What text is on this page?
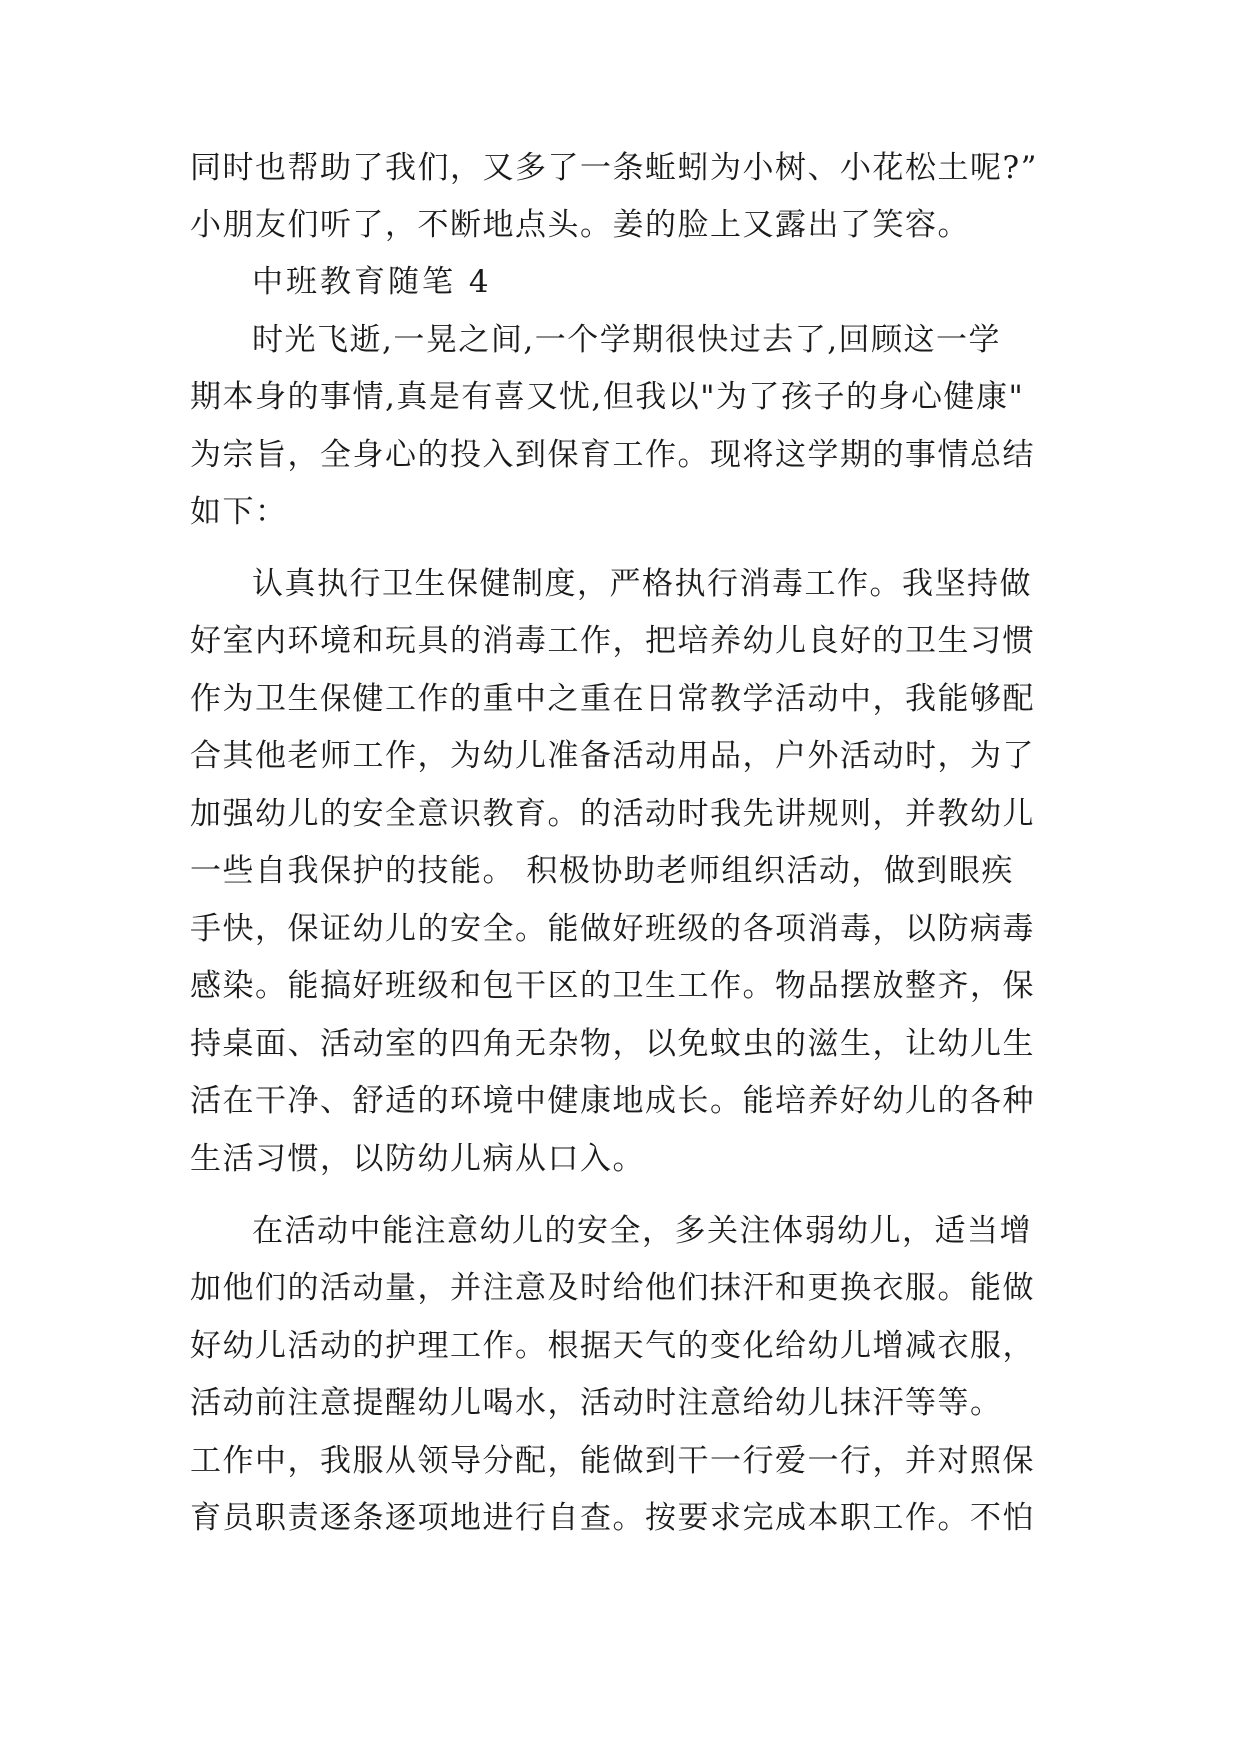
同时也帮助了我们，又多了一条蚯蚓为小树、小花松土呢?”
小朋友们听了，不断地点头。姜的脸上又露出了笑容。
中班教育随笔 4
时光飞逝,一晃之间,一个学期很快过去了,回顾这一学
期本身的事情,真是有喜又忧,但我以"为了孩子的身心健康"
为宗旨，全身心的投入到保育工作。现将这学期的事情总结
如下：
认真执行卫生保健制度，严格执行消毒工作。我坚持做
好室内环境和玩具的消毒工作，把培养幼儿良好的卫生习惯
作为卫生保健工作的重中之重在日常教学活动中，我能够配
合其他老师工作，为幼儿准备活动用品，户外活动时，为了
加强幼儿的安全意识教育。的活动时我先讲规则，并教幼儿
一些自我保护的技能。 积极协助老师组织活动，做到眼疾
手快，保证幼儿的安全。能做好班级的各项消毒，以防病毒
感染。能搞好班级和包干区的卫生工作。物品摆放整齐，保
持桌面、活动室的四角无杂物，以免蚊虫的滋生，让幼儿生
活在干净、舒适的环境中健康地成长。能培养好幼儿的各种
生活习惯，以防幼儿病从口入。
在活动中能注意幼儿的安全，多关注体弱幼儿，适当增
加他们的活动量，并注意及时给他们抹汗和更换衣服。能做
好幼儿活动的护理工作。根据天气的变化给幼儿增减衣服，
活动前注意提醒幼儿喝水，活动时注意给幼儿抹汗等等。
工作中，我服从领导分配，能做到干一行爱一行，并对照保
育员职责逐条逐项地进行自查。按要求完成本职工作。不怕
